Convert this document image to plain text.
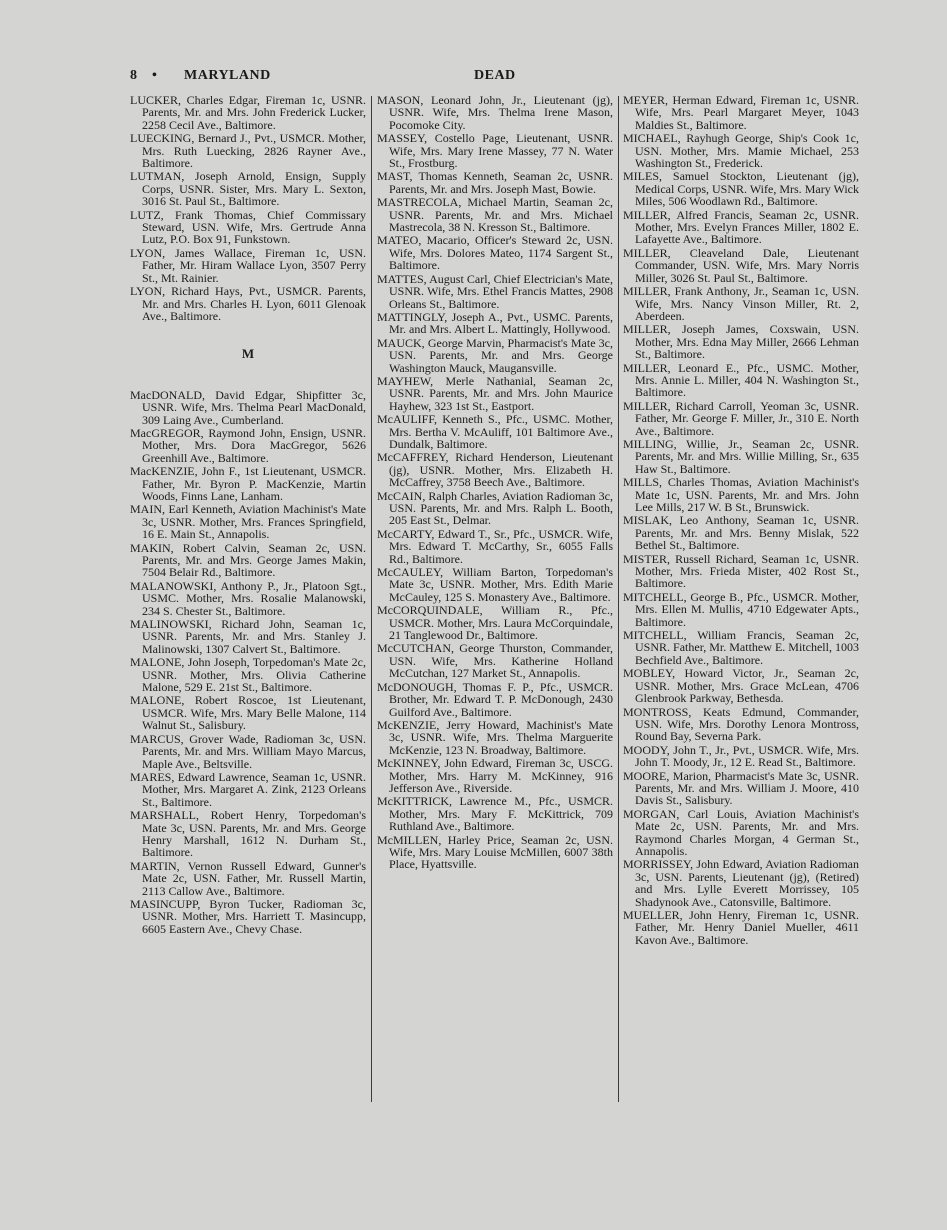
8 • MARYLAND	DEAD
LUCKER, Charles Edgar, Fireman 1c, USNR. Parents, Mr. and Mrs. John Frederick Lucker, 2258 Cecil Ave., Baltimore.
LUECKING, Bernard J., Pvt., USMCR. Mother, Mrs. Ruth Luecking, 2826 Rayner Ave., Baltimore.
LUTMAN, Joseph Arnold, Ensign, Supply Corps, USNR. Sister, Mrs. Mary L. Sexton, 3016 St. Paul St., Baltimore.
LUTZ, Frank Thomas, Chief Commissary Steward, USN. Wife, Mrs. Gertrude Anna Lutz, P.O. Box 91, Funkstown.
LYON, James Wallace, Fireman 1c, USN. Father, Mr. Hiram Wallace Lyon, 3507 Perry St., Mt. Rainier.
LYON, Richard Hays, Pvt., USMCR. Parents, Mr. and Mrs. Charles H. Lyon, 6011 Glenoak Ave., Baltimore.
M
MacDONALD, David Edgar, Shipfitter 3c, USNR. Wife, Mrs. Thelma Pearl MacDonald, 309 Laing Ave., Cumberland.
MacGREGOR, Raymond John, Ensign, USNR. Mother, Mrs. Dora MacGregor, 5626 Greenhill Ave., Baltimore.
MacKENZIE, John F., 1st Lieutenant, USMCR. Father, Mr. Byron P. MacKenzie, Martin Woods, Finns Lane, Lanham.
MAIN, Earl Kenneth, Aviation Machinist's Mate 3c, USNR. Mother, Mrs. Frances Springfield, 16 E. Main St., Annapolis.
MAKIN, Robert Calvin, Seaman 2c, USN. Parents, Mr. and Mrs. George James Makin, 7504 Belair Rd., Baltimore.
MALANOWSKI, Anthony P., Jr., Platoon Sgt., USMC. Mother, Mrs. Rosalie Malanowski, 234 S. Chester St., Baltimore.
MALINOWSKI, Richard John, Seaman 1c, USNR. Parents, Mr. and Mrs. Stanley J. Malinowski, 1307 Calvert St., Baltimore.
MALONE, John Joseph, Torpedoman's Mate 2c, USNR. Mother, Mrs. Olivia Catherine Malone, 529 E. 21st St., Baltimore.
MALONE, Robert Roscoe, 1st Lieutenant, USMCR. Wife, Mrs. Mary Belle Malone, 114 Walnut St., Salisbury.
MARCUS, Grover Wade, Radioman 3c, USN. Parents, Mr. and Mrs. William Mayo Marcus, Maple Ave., Beltsville.
MARES, Edward Lawrence, Seaman 1c, USNR. Mother, Mrs. Margaret A. Zink, 2123 Orleans St., Baltimore.
MARSHALL, Robert Henry, Torpedoman's Mate 3c, USN. Parents, Mr. and Mrs. George Henry Marshall, 1612 N. Durham St., Baltimore.
MARTIN, Vernon Russell Edward, Gunner's Mate 2c, USN. Father, Mr. Russell Martin, 2113 Callow Ave., Baltimore.
MASINCUPP, Byron Tucker, Radioman 3c, USNR. Mother, Mrs. Harriett T. Masincupp, 6605 Eastern Ave., Chevy Chase.
MASON, Leonard John, Jr., Lieutenant (jg), USNR. Wife, Mrs. Thelma Irene Mason, Pocomoke City.
MASSEY, Costello Page, Lieutenant, USNR. Wife, Mrs. Mary Irene Massey, 77 N. Water St., Frostburg.
MAST, Thomas Kenneth, Seaman 2c, USNR. Parents, Mr. and Mrs. Joseph Mast, Bowie.
MASTRECOLA, Michael Martin, Seaman 2c, USNR. Parents, Mr. and Mrs. Michael Mastrecola, 38 N. Kresson St., Baltimore.
MATEO, Macario, Officer's Steward 2c, USN. Wife, Mrs. Dolores Mateo, 1174 Sargent St., Baltimore.
MATTES, August Carl, Chief Electrician's Mate, USNR. Wife, Mrs. Ethel Francis Mattes, 2908 Orleans St., Baltimore.
MATTINGLY, Joseph A., Pvt., USMC. Parents, Mr. and Mrs. Albert L. Mattingly, Hollywood.
MAUCK, George Marvin, Pharmacist's Mate 3c, USN. Parents, Mr. and Mrs. George Washington Mauck, Maugansville.
MAYHEW, Merle Nathanial, Seaman 2c, USNR. Parents, Mr. and Mrs. John Maurice Hayhew, 323 1st St., Eastport.
McAULIFF, Kenneth S., Pfc., USMC. Mother, Mrs. Bertha V. McAuliff, 101 Baltimore Ave., Dundalk, Baltimore.
McCAFFREY, Richard Henderson, Lieutenant (jg), USNR. Mother, Mrs. Elizabeth H. McCaffrey, 3758 Beech Ave., Baltimore.
McCAIN, Ralph Charles, Aviation Radioman 3c, USN. Parents, Mr. and Mrs. Ralph L. Booth, 205 East St., Delmar.
McCARTY, Edward T., Sr., Pfc., USMCR. Wife, Mrs. Edward T. McCarthy, Sr., 6055 Falls Rd., Baltimore.
McCAULEY, William Barton, Torpedoman's Mate 3c, USNR. Mother, Mrs. Edith Marie McCauley, 125 S. Monastery Ave., Baltimore.
McCORQUINDALE, William R., Pfc., USMCR. Mother, Mrs. Laura McCorquindale, 21 Tanglewood Dr., Baltimore.
McCUTCHAN, George Thurston, Commander, USN. Wife, Mrs. Katherine Holland McCutchan, 127 Market St., Annapolis.
McDONOUGH, Thomas F. P., Pfc., USMCR. Brother, Mr. Edward T. P. McDonough, 2430 Guilford Ave., Baltimore.
McKENZIE, Jerry Howard, Machinist's Mate 3c, USNR. Wife, Mrs. Thelma Marguerite McKenzie, 123 N. Broadway, Baltimore.
McKINNEY, John Edward, Fireman 3c, USCG. Mother, Mrs. Harry M. McKinney, 916 Jefferson Ave., Riverside.
McKITTRICK, Lawrence M., Pfc., USMCR. Mother, Mrs. Mary F. McKittrick, 709 Ruthland Ave., Baltimore.
McMILLEN, Harley Price, Seaman 2c, USN. Wife, Mrs. Mary Louise McMillen, 6007 38th Place, Hyattsville.
MEYER, Herman Edward, Fireman 1c, USNR. Wife, Mrs. Pearl Margaret Meyer, 1043 Maldies St., Baltimore.
MICHAEL, Rayhugh George, Ship's Cook 1c, USN. Mother, Mrs. Mamie Michael, 253 Washington St., Frederick.
MILES, Samuel Stockton, Lieutenant (jg), Medical Corps, USNR. Wife, Mrs. Mary Wick Miles, 506 Woodlawn Rd., Baltimore.
MILLER, Alfred Francis, Seaman 2c, USNR. Mother, Mrs. Evelyn Frances Miller, 1802 E. Lafayette Ave., Baltimore.
MILLER, Cleaveland Dale, Lieutenant Commander, USN. Wife, Mrs. Mary Norris Miller, 3026 St. Paul St., Baltimore.
MILLER, Frank Anthony, Jr., Seaman 1c, USN. Wife, Mrs. Nancy Vinson Miller, Rt. 2, Aberdeen.
MILLER, Joseph James, Coxswain, USN. Mother, Mrs. Edna May Miller, 2666 Lehman St., Baltimore.
MILLER, Leonard E., Pfc., USMC. Mother, Mrs. Annie L. Miller, 404 N. Washington St., Baltimore.
MILLER, Richard Carroll, Yeoman 3c, USNR. Father, Mr. George F. Miller, Jr., 310 E. North Ave., Baltimore.
MILLING, Willie, Jr., Seaman 2c, USNR. Parents, Mr. and Mrs. Willie Milling, Sr., 635 Haw St., Baltimore.
MILLS, Charles Thomas, Aviation Machinist's Mate 1c, USN. Parents, Mr. and Mrs. John Lee Mills, 217 W. B St., Brunswick.
MISLAK, Leo Anthony, Seaman 1c, USNR. Parents, Mr. and Mrs. Benny Mislak, 522 Bethel St., Baltimore.
MISTER, Russell Richard, Seaman 1c, USNR. Mother, Mrs. Frieda Mister, 402 Rost St., Baltimore.
MITCHELL, George B., Pfc., USMCR. Mother, Mrs. Ellen M. Mullis, 4710 Edgewater Apts., Baltimore.
MITCHELL, William Francis, Seaman 2c, USNR. Father, Mr. Matthew E. Mitchell, 1003 Bechfield Ave., Baltimore.
MOBLEY, Howard Victor, Jr., Seaman 2c, USNR. Mother, Mrs. Grace McLean, 4706 Glenbrook Parkway, Bethesda.
MONTROSS, Keats Edmund, Commander, USN. Wife, Mrs. Dorothy Lenora Montross, Round Bay, Severna Park.
MOODY, John T., Jr., Pvt., USMCR. Wife, Mrs. John T. Moody, Jr., 12 E. Read St., Baltimore.
MOORE, Marion, Pharmacist's Mate 3c, USNR. Parents, Mr. and Mrs. William J. Moore, 410 Davis St., Salisbury.
MORGAN, Carl Louis, Aviation Machinist's Mate 2c, USN. Parents, Mr. and Mrs. Raymond Charles Morgan, 4 German St., Annapolis.
MORRISSEY, John Edward, Aviation Radioman 3c, USN. Parents, Lieutenant (jg), (Retired) and Mrs. Lylle Everett Morrissey, 105 Shadynook Ave., Catonsville, Baltimore.
MUELLER, John Henry, Fireman 1c, USNR. Father, Mr. Henry Daniel Mueller, 4611 Kavon Ave., Baltimore.
